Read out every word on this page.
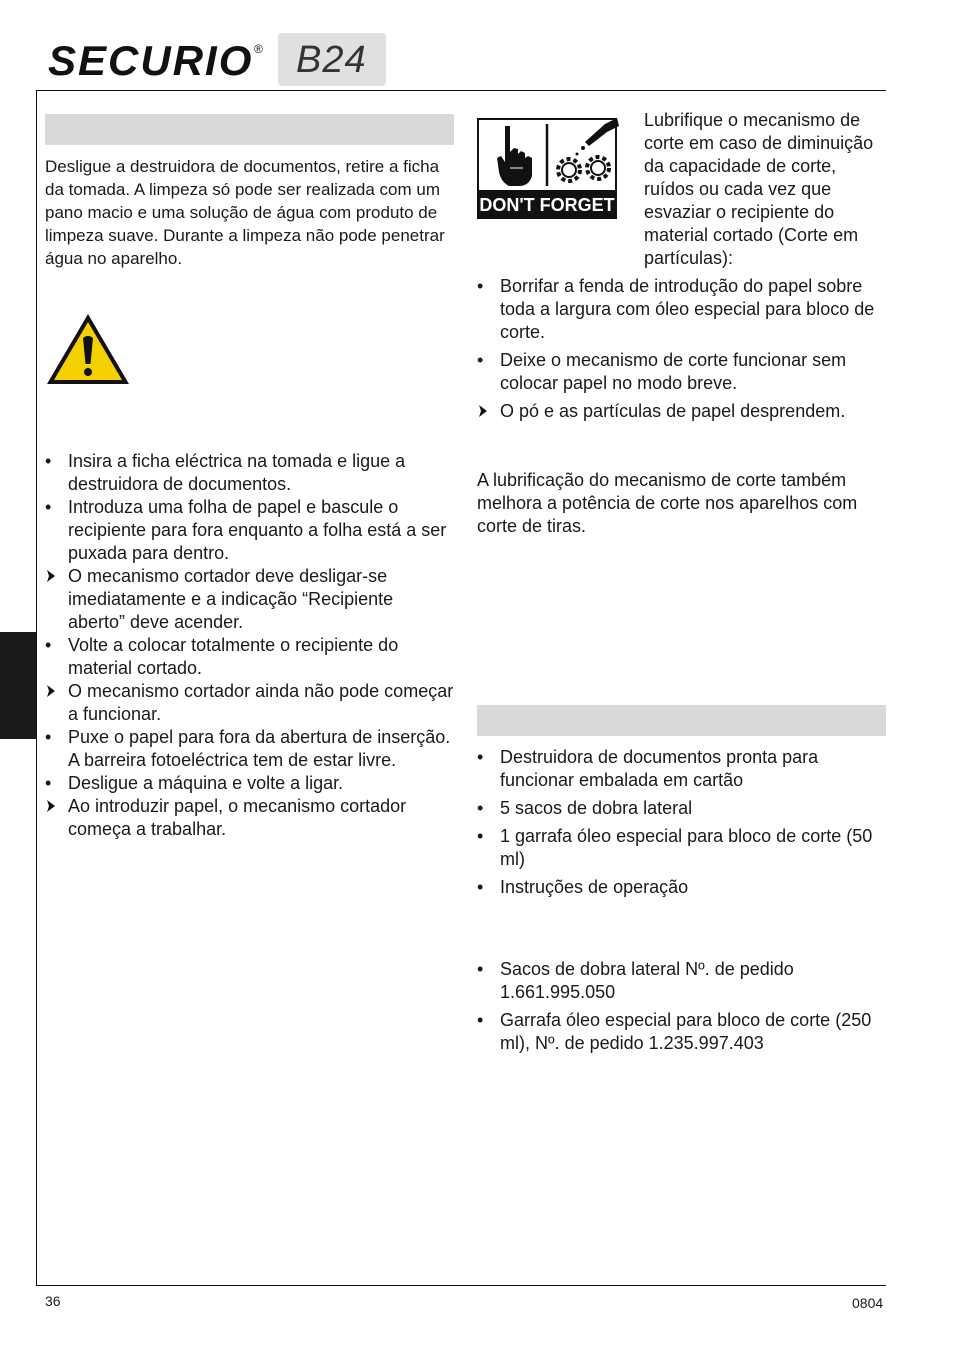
SECURIO ® B24

Desligue a destruidora de documentos, retire a ficha da tomada. A limpeza só pode ser realizada com um pano macio e uma solução de água com produto de limpeza suave. Durante a limpeza não pode penetrar água no aparelho.

• Insira a ficha eléctrica na tomada e ligue a destruidora de documentos.
• Introduza uma folha de papel e bascule o recipiente para fora enquanto a folha está a ser puxada para dentro.
O mecanismo cortador deve desligar-se imediatamente e a indicação “Recipiente aberto” deve acender.
• Volte a colocar totalmente o recipiente do material cortado.
O mecanismo cortador ainda não pode começar a funcionar.
• Puxe o papel para fora da abertura de inserção. A barreira fotoeléctrica tem de estar livre.
• Desligue a máquina e volte a ligar.
Ao introduzir papel, o mecanismo cortador começa a trabalhar.
DON'T FORGET

Lubrifique o mecanismo de corte em caso de diminuição da capacidade de corte, ruídos ou cada vez que esvaziar o recipiente do material cortado (Corte em partículas):

• Borrifar a fenda de introdução do papel sobre toda a largura com óleo especial para bloco de corte.
• Deixe o mecanismo de corte funcionar sem colocar papel no modo breve.
O pó e as partículas de papel desprendem.

A lubrificação do mecanismo de corte também melhora a potência de corte nos aparelhos com corte de tiras.

• Destruidora de documentos pronta para funcionar embalada em cartão
• 5 sacos de dobra lateral
• 1 garrafa óleo especial para bloco de corte (50 ml)
• Instruções de operação
• Sacos de dobra lateral Nº. de pedido 1.661.995.050
• Garrafa óleo especial para bloco de corte (250 ml), Nº. de pedido 1.235.997.403
36	0804
